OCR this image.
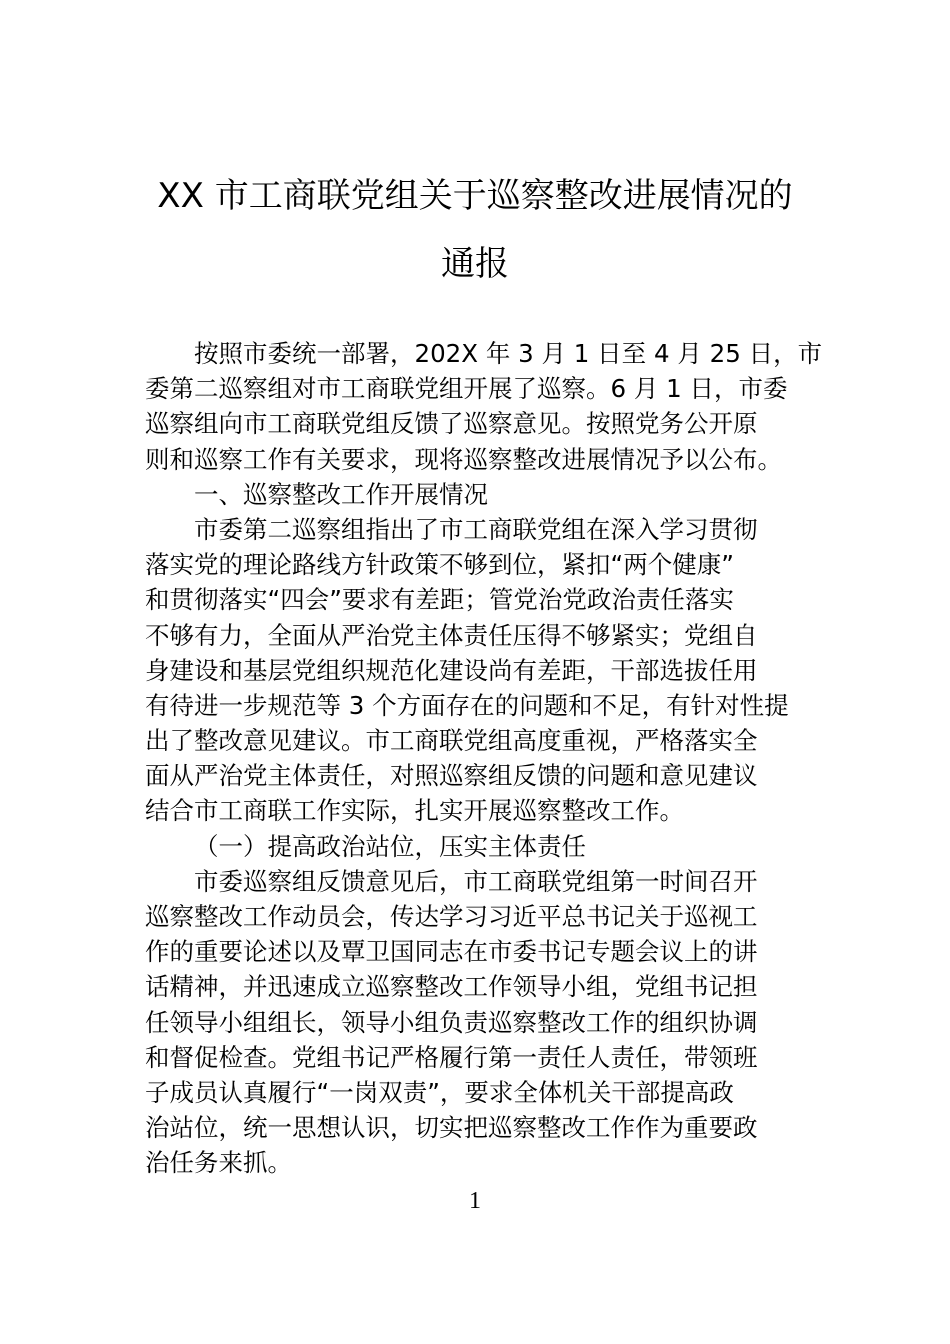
XX 市工商联党组关于巡察整改进展情况的
通报
按照市委统一部署，202X 年 3 月 1 日至 4 月 25 日，市
委第二巡察组对市工商联党组开展了巡察。6 月 1 日，市委
巡察组向市工商联党组反馈了巡察意见。按照党务公开原
则和巡察工作有关要求，现将巡察整改进展情况予以公布。
一、巡察整改工作开展情况
市委第二巡察组指出了市工商联党组在深入学习贯彻
落实党的理论路线方针政策不够到位，紧扣“两个健康”
和贯彻落实“四会”要求有差距；管党治党政治责任落实
不够有力，全面从严治党主体责任压得不够紧实；党组自
身建设和基层党组织规范化建设尚有差距，干部选拔任用
有待进一步规范等 3 个方面存在的问题和不足，有针对性提
出了整改意见建议。市工商联党组高度重视，严格落实全
面从严治党主体责任，对照巡察组反馈的问题和意见建议
结合市工商联工作实际，扎实开展巡察整改工作。
（一）提高政治站位，压实主体责任
市委巡察组反馈意见后，市工商联党组第一时间召开
巡察整改工作动员会，传达学习习近平总书记关于巡视工
作的重要论述以及覃卫国同志在市委书记专题会议上的讲
话精神，并迅速成立巡察整改工作领导小组，党组书记担
任领导小组组长，领导小组负责巡察整改工作的组织协调
和督促检查。党组书记严格履行第一责任人责任，带领班
子成员认真履行“一岗双责”，要求全体机关干部提高政
治站位，统一思想认识，切实把巡察整改工作作为重要政
治任务来抓。
1
